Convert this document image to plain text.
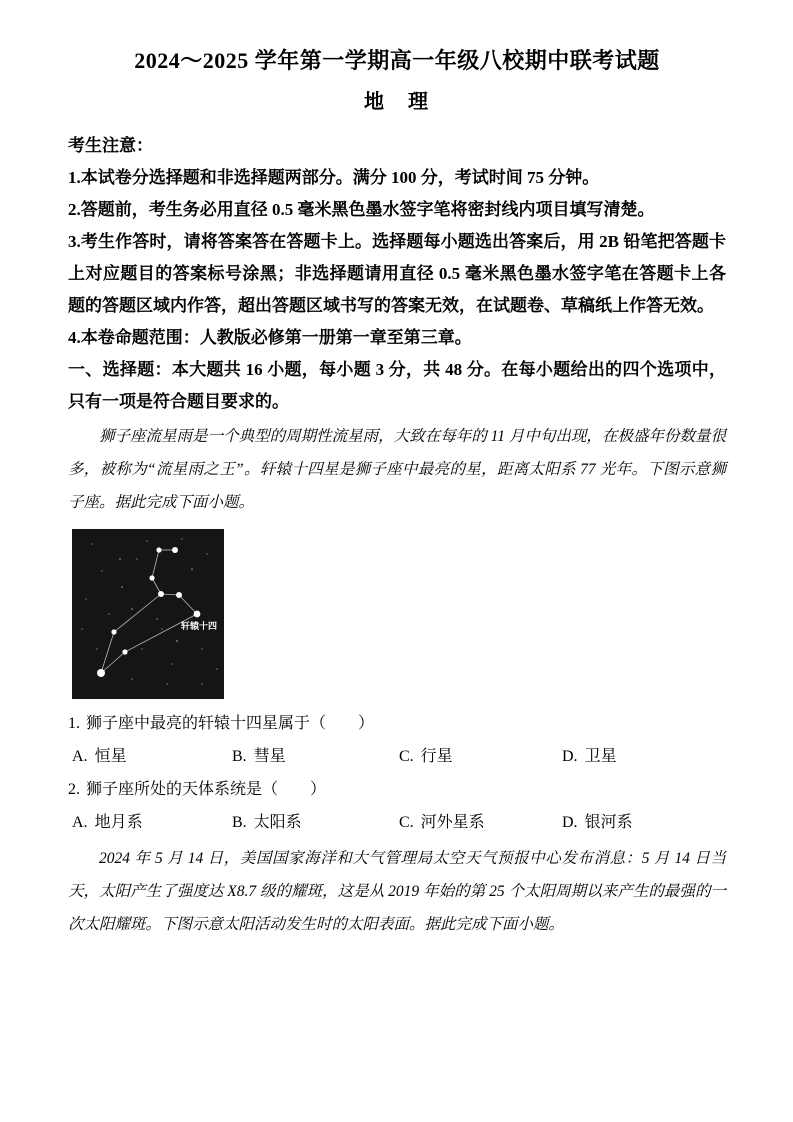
2024～2025 学年第一学期高一年级八校期中联考试题
地　理
考生注意：
1.本试卷分选择题和非选择题两部分。满分 100 分，考试时间 75 分钟。
2.答题前，考生务必用直径 0.5 毫米黑色墨水签字笔将密封线内项目填写清楚。
3.考生作答时，请将答案答在答题卡上。选择题每小题选出答案后，用 2B 铅笔把答题卡上对应题目的答案标号涂黑；非选择题请用直径 0.5 毫米黑色墨水签字笔在答题卡上各题的答题区域内作答，超出答题区域书写的答案无效，在试题卷、草稿纸上作答无效。
4.本卷命题范围：人教版必修第一册第一章至第三章。
一、选择题：本大题共 16 小题，每小题 3 分，共 48 分。在每小题给出的四个选项中，只有一项是符合题目要求的。
狮子座流星雨是一个典型的周期性流星雨，大致在每年的 11 月中旬出现，在极盛年份数量很多，被称为“流星雨之王”。轩辕十四星是狮子座中最亮的星，距离太阳系 77 光年。下图示意狮子座。据此完成下面小题。
轩辕十四
1. 狮子座中最亮的轩辕十四星属于（　　）
A. 恒星	B. 彗星	C. 行星	D. 卫星
2. 狮子座所处的天体系统是（　　）
A. 地月系	B. 太阳系	C. 河外星系	D. 银河系
2024 年 5 月 14 日，美国国家海洋和大气管理局太空天气预报中心发布消息：5 月 14 日当天，太阳产生了强度达 X8.7 级的耀斑，这是从 2019 年始的第 25 个太阳周期以来产生的最强的一次太阳耀斑。下图示意太阳活动发生时的太阳表面。据此完成下面小题。
